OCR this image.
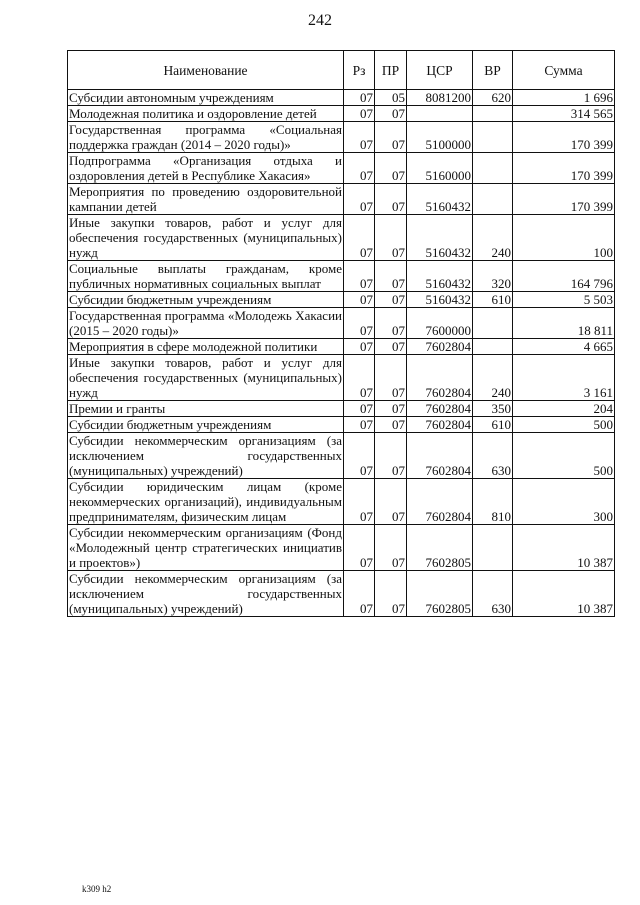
242
Наименование	Рз	ПР	ЦСР	ВР	Сумма
Субсидии автономным учреждениям	07	05	8081200	620	1 696
Молодежная политика и оздоровление детей	07	07			314 565
Государственная программа «Социальная поддержка граждан (2014 – 2020 годы)»	07	07	5100000		170 399
Подпрограмма «Организация отдыха и оздоровления детей в Республике Хакасия»	07	07	5160000		170 399
Мероприятия по проведению оздоровительной кампании детей	07	07	5160432		170 399
Иные закупки товаров, работ и услуг для обеспечения государственных (муниципальных) нужд	07	07	5160432	240	100
Социальные выплаты гражданам, кроме публичных нормативных социальных выплат	07	07	5160432	320	164 796
Субсидии бюджетным учреждениям	07	07	5160432	610	5 503
Государственная программа «Молодежь Хакасии (2015 – 2020 годы)»	07	07	7600000		18 811
Мероприятия в сфере молодежной политики	07	07	7602804		4 665
Иные закупки товаров, работ и услуг для обеспечения государственных (муниципальных) нужд	07	07	7602804	240	3 161
Премии и гранты	07	07	7602804	350	204
Субсидии бюджетным учреждениям	07	07	7602804	610	500
Субсидии некоммерческим организациям (за исключением государственных (муниципальных) учреждений)	07	07	7602804	630	500
Субсидии юридическим лицам (кроме некоммерческих организаций), индивидуальным предпринимателям, физическим лицам	07	07	7602804	810	300
Субсидии некоммерческим организациям (Фонд «Молодежный центр стратегических инициатив и проектов»)	07	07	7602805		10 387
Субсидии некоммерческим организациям (за исключением государственных (муниципальных) учреждений)	07	07	7602805	630	10 387
k309 h2
